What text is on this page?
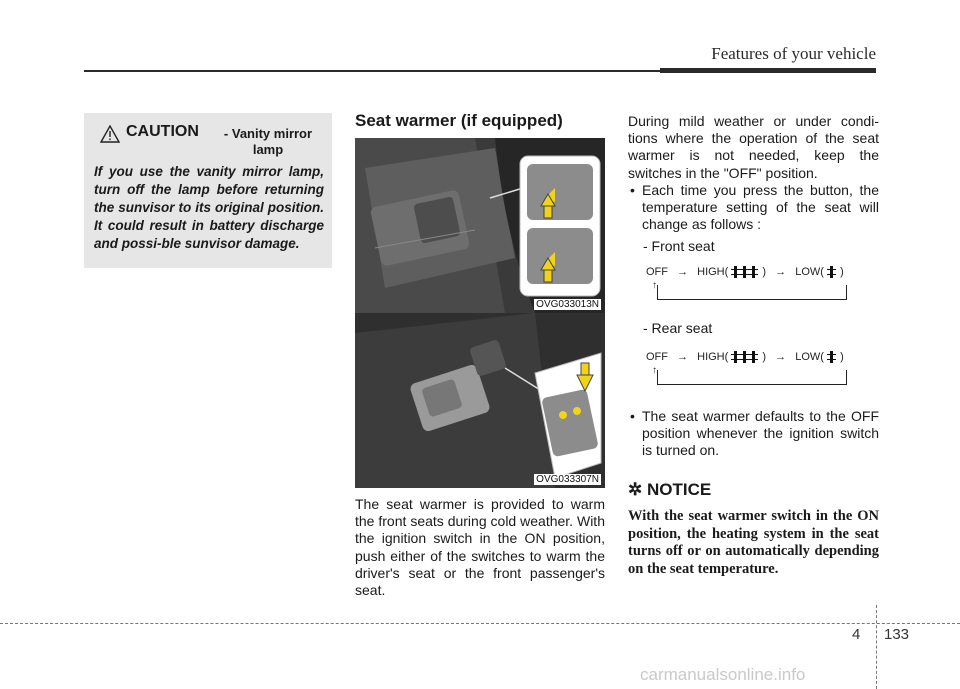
Features of your vehicle
CAUTION	- Vanity mirror lamp
If you use the vanity mirror lamp, turn off the lamp before returning the sunvisor to its original position. It could result in battery discharge and possi-ble sunvisor damage.
Seat warmer (if equipped)
OVG033013N
OVG033307N
The seat warmer is provided to warm the front seats during cold weather. With the ignition switch in the ON position, push either of the switches to warm the driver's seat or the front passenger's seat.
During mild weather or under condi-tions where the operation of the seat warmer is not needed, keep the switches in the "OFF" position.
• Each time you press the button, the temperature setting of the seat will change as follows :
- Front seat
OFF → HIGH(	) → LOW( )
↑
- Rear seat
OFF → HIGH(	) → LOW( )
↑
• The seat warmer defaults to the OFF position whenever the ignition switch is turned on.
✲ NOTICE
With the seat warmer switch in the ON position, the heating system in the seat turns off or on automatically depending on the seat temperature.
4 133
carmanualsonline.info
